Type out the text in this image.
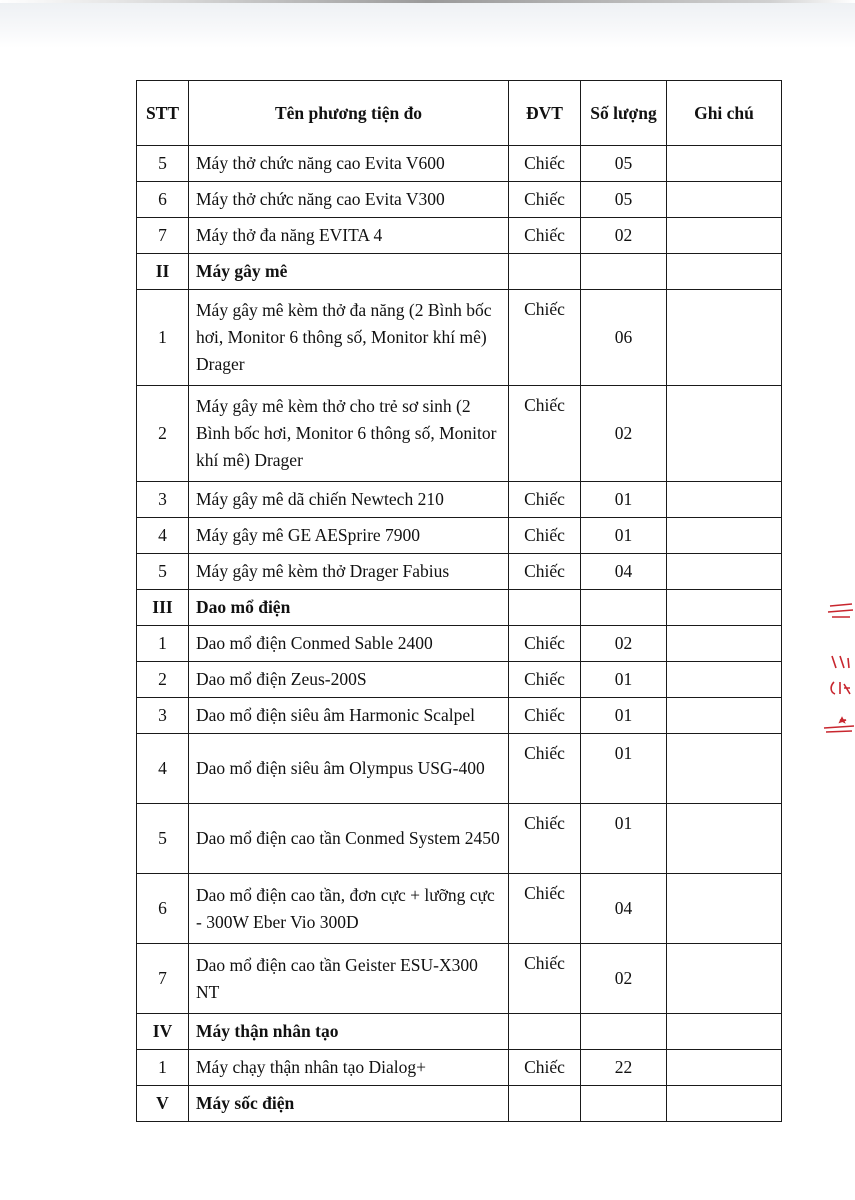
STT	Tên phương tiện đo	ĐVT	Số lượng	Ghi chú
5	Máy thở chức năng cao Evita V600	Chiếc	05	
6	Máy thở chức năng cao Evita V300	Chiếc	05	
7	Máy thở đa năng EVITA 4	Chiếc	02	
II	Máy gây mê			
1	Máy gây mê kèm thở đa năng (2 Bình bốc hơi, Monitor 6 thông số, Monitor khí mê) Drager	Chiếc	06	
2	Máy gây mê kèm thở cho trẻ sơ sinh (2 Bình bốc hơi, Monitor 6 thông số, Monitor khí mê) Drager	Chiếc	02	
3	Máy gây mê dã chiến Newtech 210	Chiếc	01	
4	Máy gây mê GE AESprire 7900	Chiếc	01	
5	Máy gây mê kèm thở Drager Fabius	Chiếc	04	
III	Dao mổ điện			
1	Dao mổ điện Conmed Sable 2400	Chiếc	02	
2	Dao mổ điện Zeus-200S	Chiếc	01	
3	Dao mổ điện siêu âm Harmonic Scalpel	Chiếc	01	
4	Dao mổ điện siêu âm Olympus USG-400	Chiếc	01	
5	Dao mổ điện cao tần Conmed System 2450	Chiếc	01	
6	Dao mổ điện cao tần, đơn cực + lưỡng cực - 300W Eber Vio 300D	Chiếc	04	
7	Dao mổ điện cao tần Geister ESU-X300 NT	Chiếc	02	
IV	Máy thận nhân tạo			
1	Máy chạy thận nhân tạo Dialog+	Chiếc	22	
V	Máy sốc điện			
